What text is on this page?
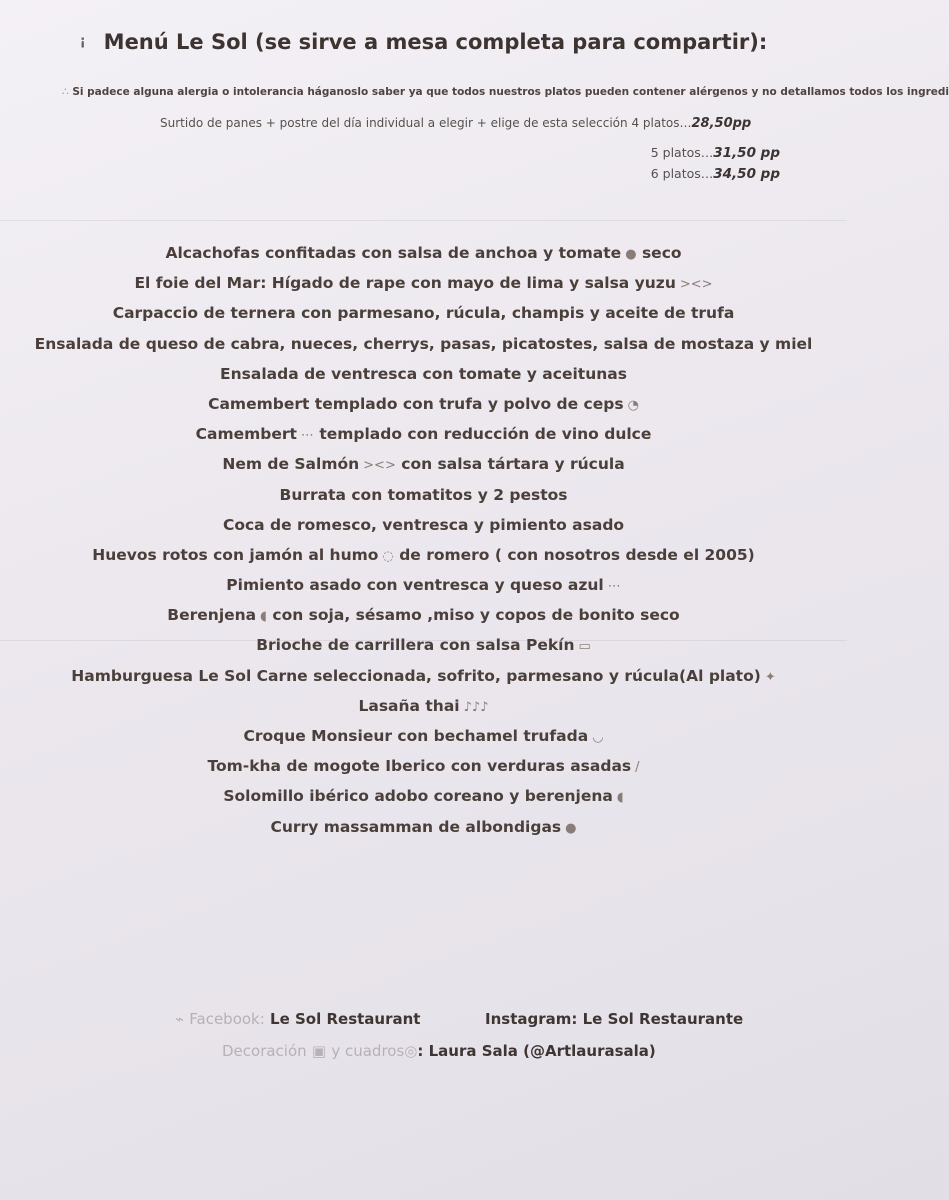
¡ Menú Le Sol (se sirve a mesa completa para compartir):
∴ Si padece alguna alergia o intolerancia háganoslo saber ya que todos nuestros platos pueden contener alérgenos y no detallamos todos los ingredi
Surtido de panes + postre del día individual a elegir + elige de esta selección 4 platos…28,50pp
5 platos…31,50 pp
6 platos…34,50 pp
Alcachofas confitadas con salsa de anchoa y tomate ● seco
El foie del Mar: Hígado de rape con mayo de lima y salsa yuzu ><>
Carpaccio de ternera con parmesano, rúcula, champis y aceite de trufa
Ensalada de queso de cabra, nueces, cherrys, pasas, picatostes, salsa de mostaza y miel
Ensalada de ventresca con tomate y aceitunas
Camembert templado con trufa y polvo de ceps ◔
Camembert ⋯ templado con reducción de vino dulce
Nem de Salmón ><> con salsa tártara y rúcula
Burrata con tomatitos y 2 pestos
Coca de romesco, ventresca y pimiento asado
Huevos rotos con jamón al humo ◌ de romero ( con nosotros desde el 2005)
Pimiento asado con ventresca y queso azul ⋯
Berenjena ◖ con soja, sésamo ,miso y copos de bonito seco
Brioche de carrillera con salsa Pekín ▭
Hamburguesa Le Sol Carne seleccionada, sofrito, parmesano y rúcula(Al plato) ✦
Lasaña thai ♪♪♪
Croque Monsieur con bechamel trufada ◡
Tom-kha de mogote Iberico con verduras asadas /
Solomillo ibérico adobo coreano y berenjena ◖
Curry massamman de albondigas ●
⌁ Facebook: Le Sol Restaurant	Instagram: Le Sol Restaurante
Decoración ▣ y cuadros◎: Laura Sala (@Artlaurasala)
